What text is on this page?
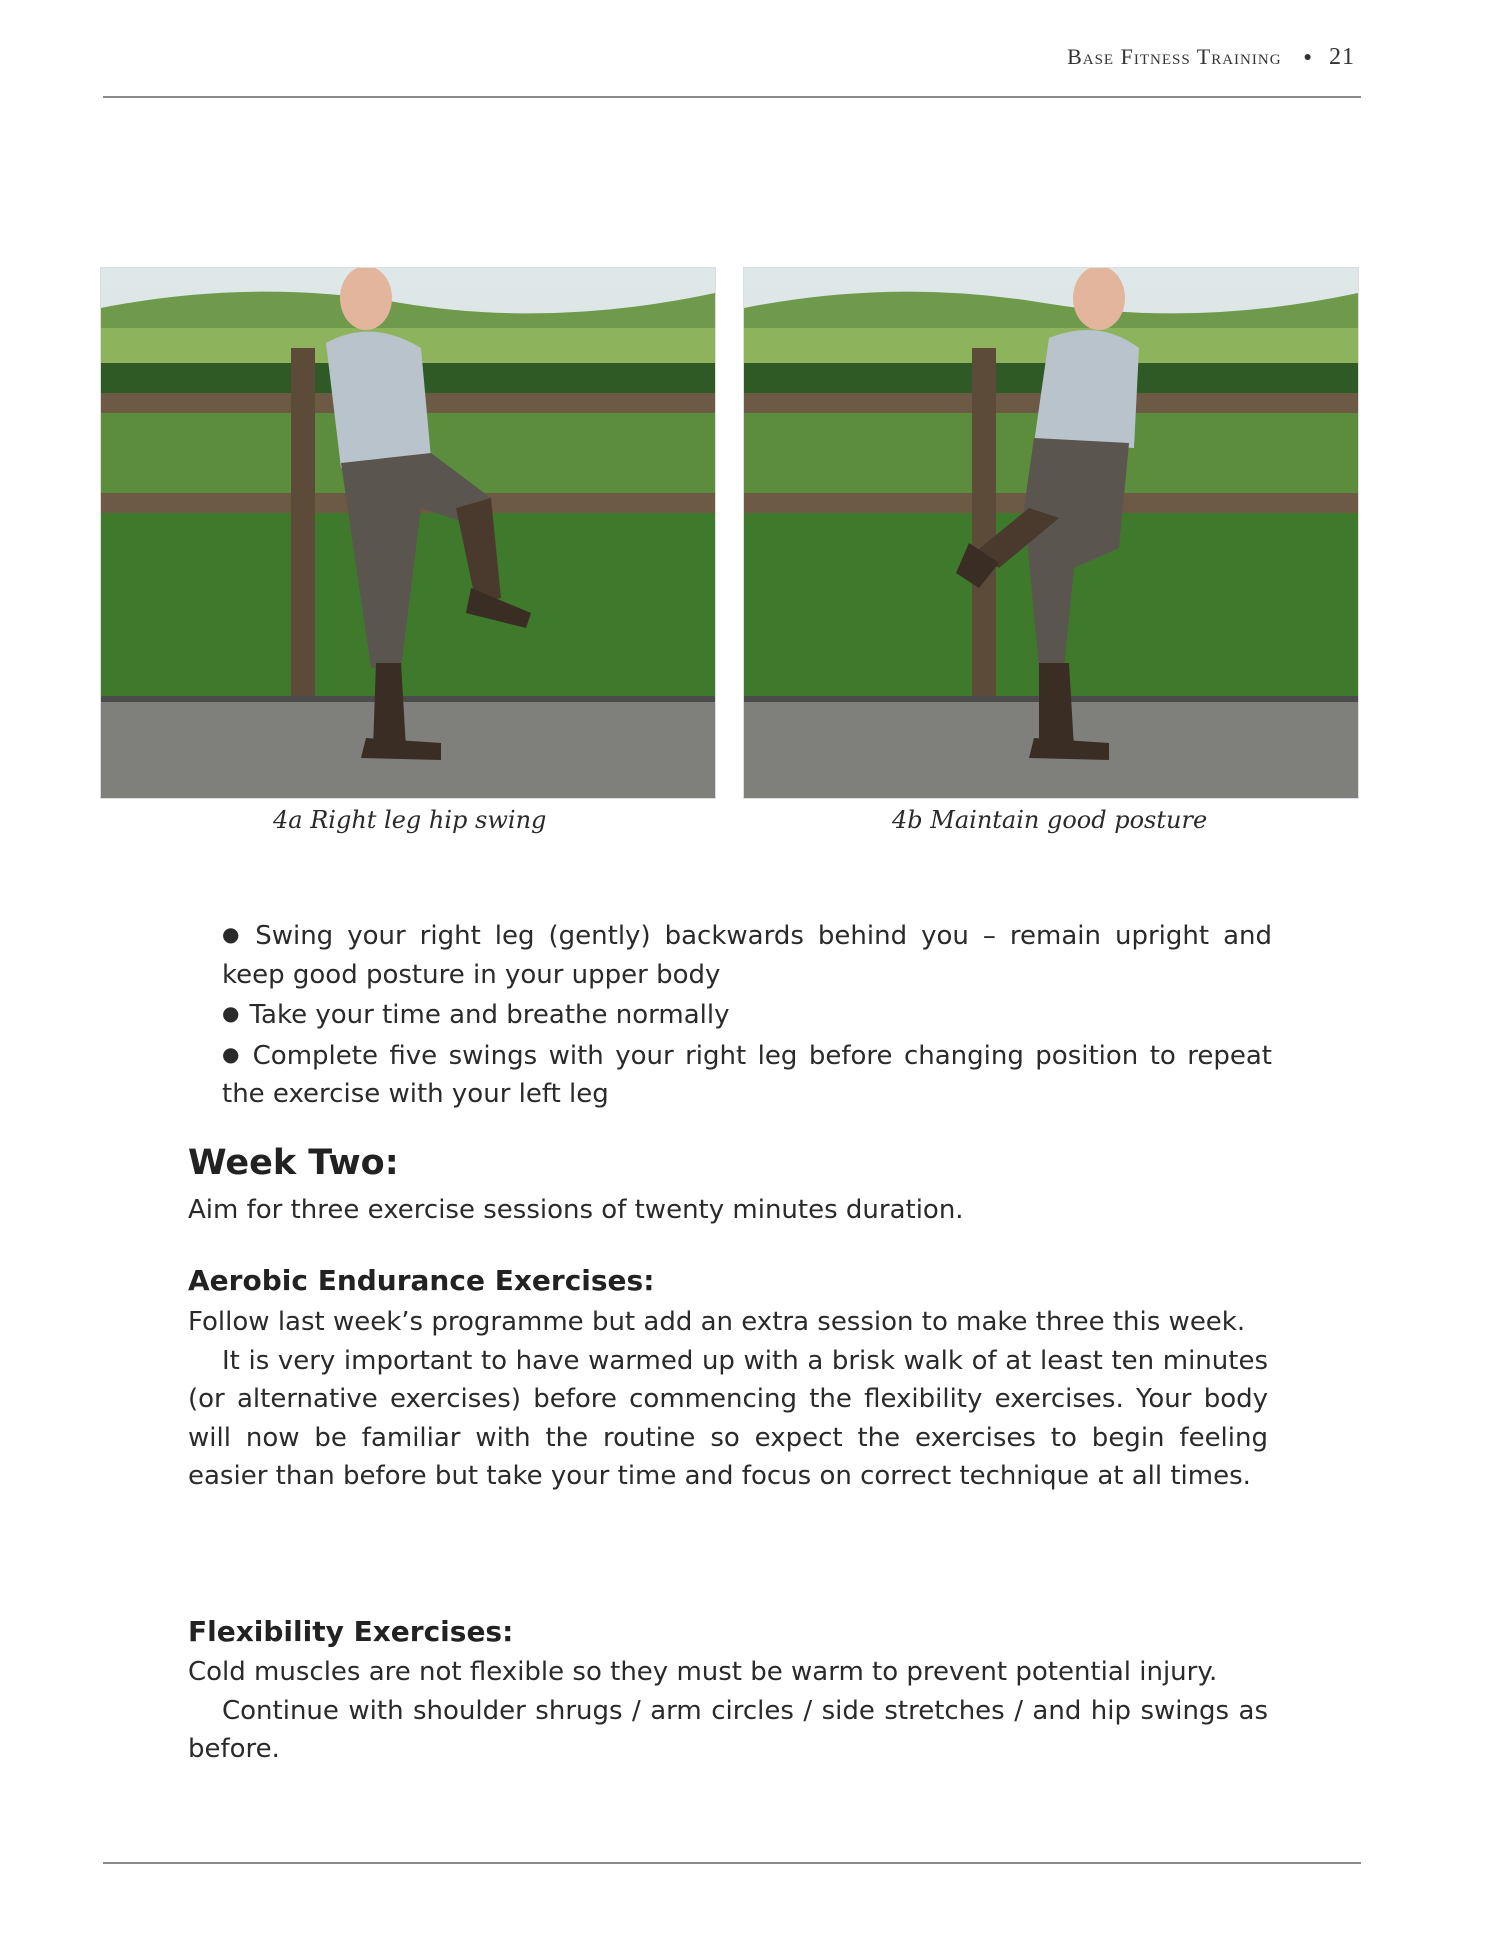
Base Fitness Training ● 21
4a Right leg hip swing	4b Maintain good posture

● Swing your right leg (gently) backwards behind you – remain upright and keep good posture in your upper body

● Take your time and breathe normally

● Complete five swings with your right leg before changing position to repeat the exercise with your left leg

Week Two:

Aim for three exercise sessions of twenty minutes duration.

Aerobic Endurance Exercises:

Follow last week’s programme but add an extra session to make three this week.

It is very important to have warmed up with a brisk walk of at least ten minutes (or alternative exercises) before commencing the flexibility exercises. Your body will now be familiar with the routine so expect the exercises to begin feeling easier than before but take your time and focus on correct technique at all times.

Flexibility Exercises:

Cold muscles are not flexible so they must be warm to prevent potential injury.

Continue with shoulder shrugs / arm circles / side stretches / and hip swings as before.
